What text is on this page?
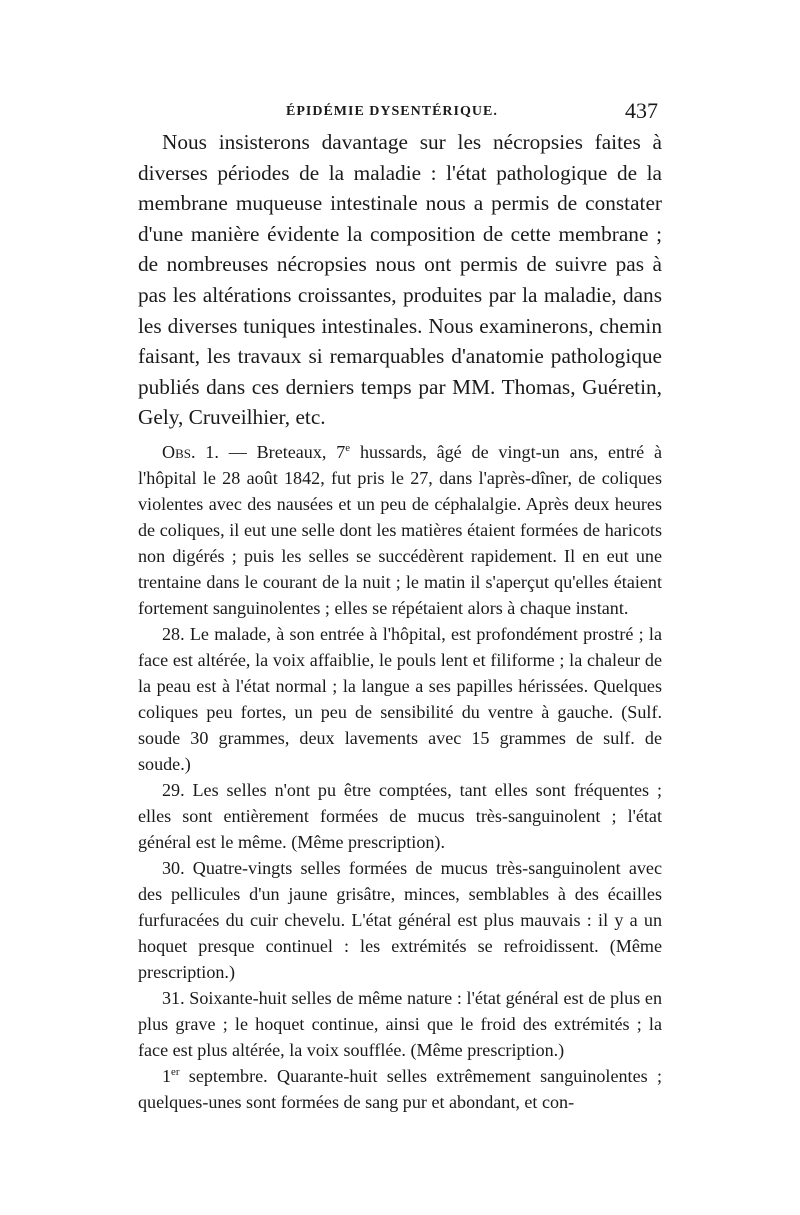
ÉPIDÉMIE DYSENTÉRIQUE.	437

Nous insisterons davantage sur les nécropsies faites à diverses périodes de la maladie : l'état pathologique de la membrane muqueuse intestinale nous a permis de constater d'une manière évidente la composition de cette membrane ; de nombreuses nécropsies nous ont permis de suivre pas à pas les altérations croissantes, produites par la maladie, dans les diverses tuniques intestinales. Nous examinerons, chemin faisant, les travaux si remarquables d'anatomie pathologique publiés dans ces derniers temps par MM. Thomas, Guéretin, Gely, Cruveilhier, etc.

Obs. 1. — Breteaux, 7e hussards, âgé de vingt-un ans, entré à l'hôpital le 28 août 1842, fut pris le 27, dans l'après-dîner, de coliques violentes avec des nausées et un peu de céphalalgie. Après deux heures de coliques, il eut une selle dont les matières étaient formées de haricots non digérés ; puis les selles se succédèrent rapidement. Il en eut une trentaine dans le courant de la nuit ; le matin il s'aperçut qu'elles étaient fortement sanguinolentes ; elles se répétaient alors à chaque instant.

28. Le malade, à son entrée à l'hôpital, est profondément prostré ; la face est altérée, la voix affaiblie, le pouls lent et filiforme ; la chaleur de la peau est à l'état normal ; la langue a ses papilles hérissées. Quelques coliques peu fortes, un peu de sensibilité du ventre à gauche. (Sulf. soude 30 grammes, deux lavements avec 15 grammes de sulf. de soude.)

29. Les selles n'ont pu être comptées, tant elles sont fréquentes ; elles sont entièrement formées de mucus très-sanguinolent ; l'état général est le même. (Même prescription).

30. Quatre-vingts selles formées de mucus très-sanguinolent avec des pellicules d'un jaune grisâtre, minces, semblables à des écailles furfuracées du cuir chevelu. L'état général est plus mauvais : il y a un hoquet presque continuel : les extrémités se refroidissent. (Même prescription.)

31. Soixante-huit selles de même nature : l'état général est de plus en plus grave ; le hoquet continue, ainsi que le froid des extrémités ; la face est plus altérée, la voix soufflée. (Même prescription.)

1er septembre. Quarante-huit selles extrêmement sanguinolentes ; quelques-unes sont formées de sang pur et abondant, et con-
